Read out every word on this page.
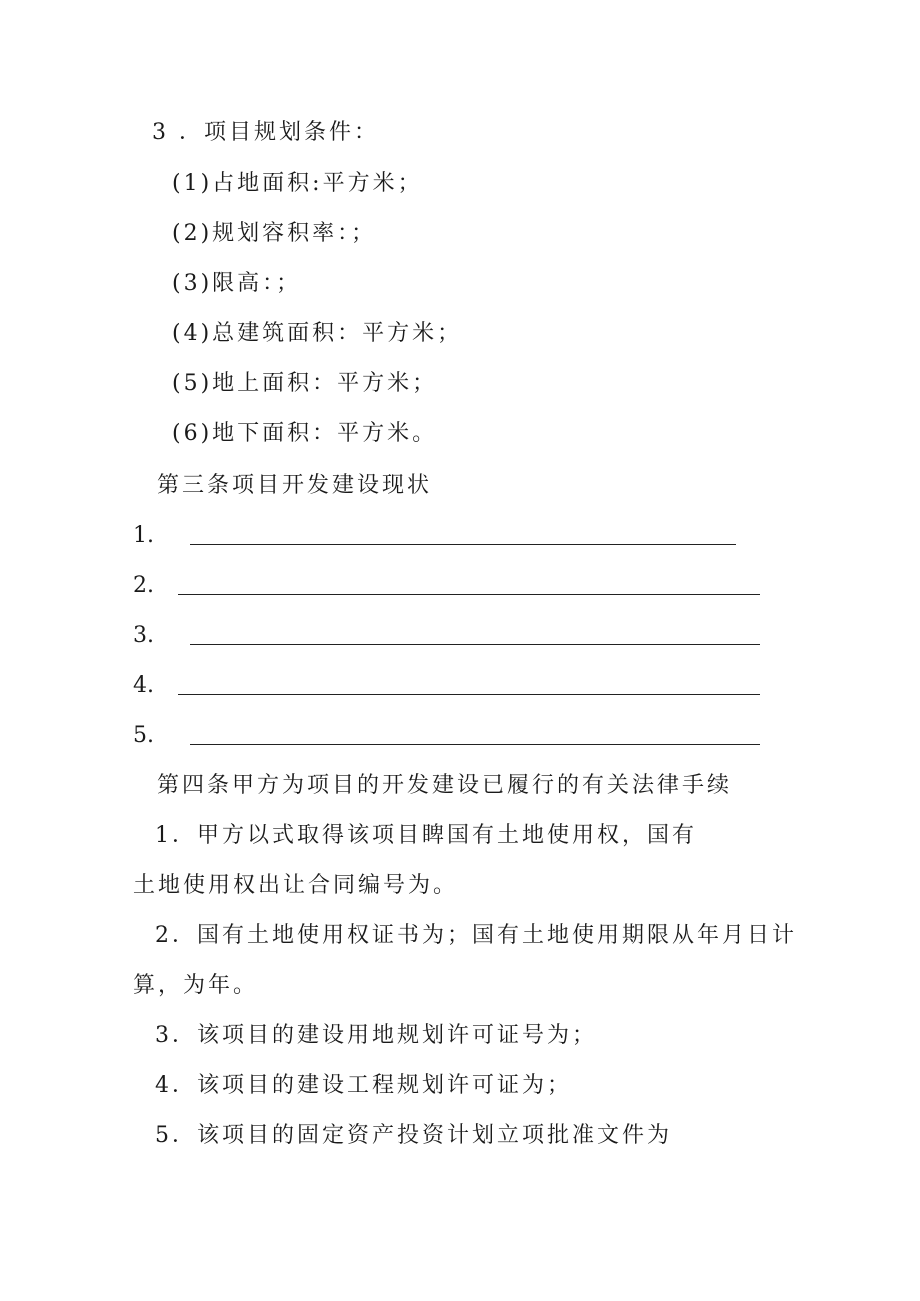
3 ．项目规划条件：
(1)占地面积:平方米；
(2)规划容积率：；
(3)限高：；
(4)总建筑面积：平方米；
(5)地上面积：平方米；
(6)地下面积：平方米。
第三条项目开发建设现状
1.
2.
3.
4.
5.
第四条甲方为项目的开发建设已履行的有关法律手续
1．甲方以式取得该项目睥国有土地使用权，国有
土地使用权出让合同编号为。
2．国有土地使用权证书为；国有土地使用期限从年月日计
算，为年。
3．该项目的建设用地规划许可证号为；
4．该项目的建设工程规划许可证为；
5．该项目的固定资产投资计划立项批准文件为
